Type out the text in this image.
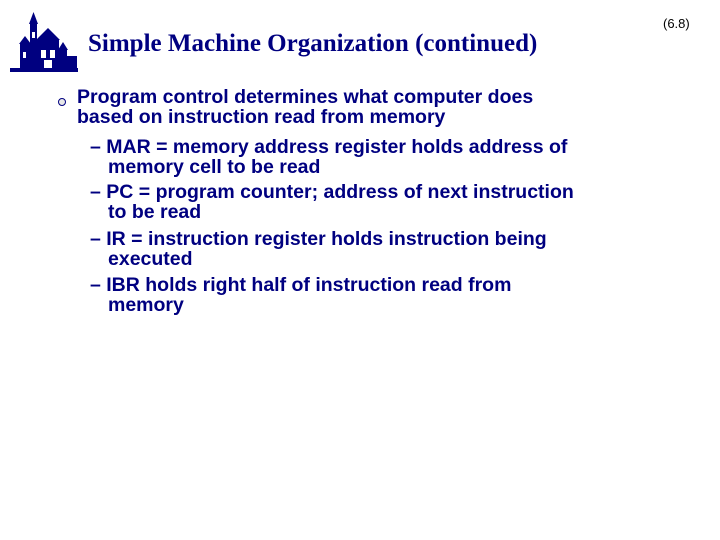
Simple Machine Organization (continued)
(6.8)
Program control determines what computer does
based on instruction read from memory
– MAR = memory address register holds address of
memory cell to be read
– PC = program counter; address of next instruction
to be read
– IR = instruction register holds instruction being
executed
– IBR holds right half of instruction read from
memory
